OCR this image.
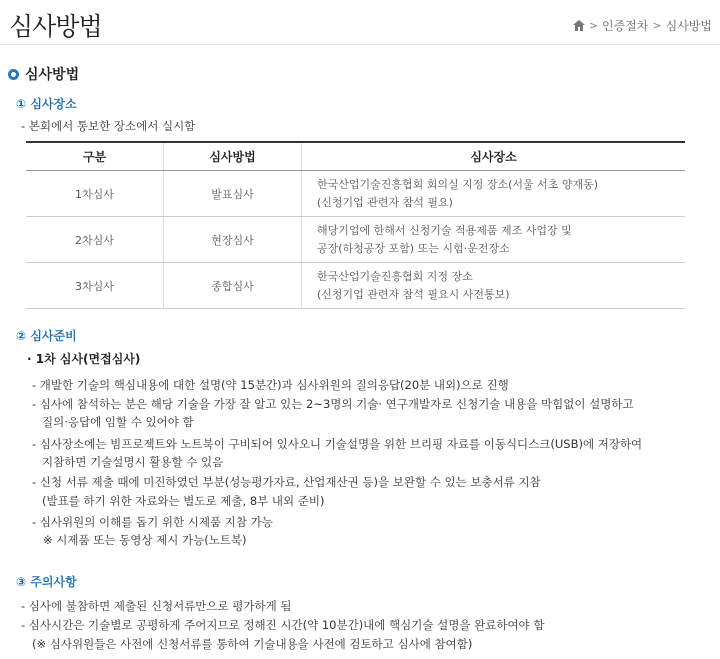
심사방법	> 인증절차 > 심사방법
심사방법
① 심사장소
- 본회에서 통보한 장소에서 실시함
구분	심사방법	심사장소
1차심사	발표심사	한국산업기술진흥협회 회의실 지정 장소(서울 서초 양재동)
(신청기업 관련자 참석 필요)

2차심사	현장심사	해당기업에 한해서 신청기술 적용제품 제조 사업장 및
공장(하청공장 포함) 또는 시험·운전장소

3차심사	종합심사	한국산업기술진흥협회 지정 장소
(신청기업 관련자 참석 필요시 사전통보)
② 심사준비
· 1차 심사(면접심사)
- 개발한 기술의 핵심내용에 대한 설명(약 15분간)과 심사위원의 질의응답(20분 내외)으로 진행
- 심사에 참석하는 분은 해당 기술을 가장 잘 알고 있는 2~3명의 기술· 연구개발자로 신청기술 내용을 막힘없이 설명하고
질의·응답에 임할 수 있어야 함
- 심사장소에는 빔프로젝트와 노트북이 구비되어 있사오니 기술설명을 위한 브리핑 자료를 이동식디스크(USB)에 저장하여
지참하면 기술설명시 활용할 수 있음
- 신청 서류 제출 때에 미진하였던 부분(성능평가자료, 산업재산권 등)을 보완할 수 있는 보충서류 지참
(발표를 하기 위한 자료와는 별도로 제출, 8부 내외 준비)
- 심사위원의 이해를 돕기 위한 시제품 지참 가능
※ 시제품 또는 동영상 제시 가능(노트북)
③ 주의사항
- 심사에 불참하면 제출된 신청서류만으로 평가하게 됨
- 심사시간은 기술별로 공평하게 주어지므로 정해진 시간(약 10분간)내에 핵심기술 설명을 완료하여야 함
(※ 심사위원들은 사전에 신청서류를 통하여 기술내용을 사전에 검토하고 심사에 참여함)
